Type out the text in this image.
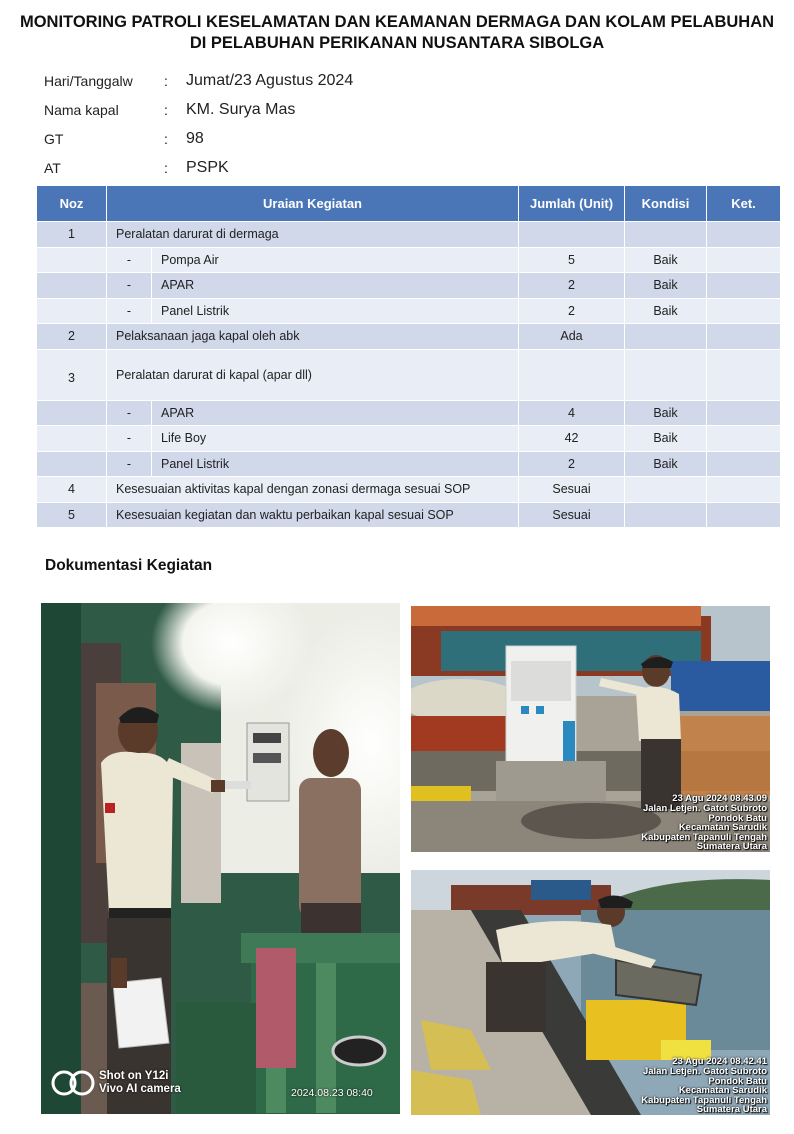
MONITORING PATROLI KESELAMATAN DAN KEAMANAN DERMAGA DAN KOLAM PELABUHAN
DI PELABUHAN PERIKANAN NUSANTARA SIBOLGA
Hari/Tanggalw	:	Jumat/23 Agustus 2024
Nama kapal	:	KM. Surya Mas
GT	:	98
AT	:	PSPK
Noz	Uraian Kegiatan		Jumlah (Unit)	Kondisi	Ket.
1	Peralatan darurat di dermaga				
	-	Pompa Air	5	Baik	
	-	APAR	2	Baik	
	-	Panel Listrik	2	Baik	
2	Pelaksanaan jaga kapal oleh abk		Ada		
3	Peralatan darurat di kapal (apar dll)				
	-	APAR	4	Baik	
	-	Life Boy	42	Baik	
	-	Panel Listrik	2	Baik	
4	Kesesuaian aktivitas kapal dengan zonasi dermaga sesuai SOP		Sesuai		
5	Kesesuaian kegiatan dan waktu perbaikan kapal sesuai SOP		Sesuai		
Dokumentasi Kegiatan
Shot on Y12i
Vivo AI camera	2024.08.23 08:40
23 Agu 2024 08.43.09
Jalan Letjen. Gatot Subroto
Pondok Batu
Kecamatan Sarudik
Kabupaten Tapanuli Tengah
Sumatera Utara
23 Agu 2024 08.42.41
Jalan Letjen. Gatot Subroto
Pondok Batu
Kecamatan Sarudik
Kabupaten Tapanuli Tengah
Sumatera Utara
